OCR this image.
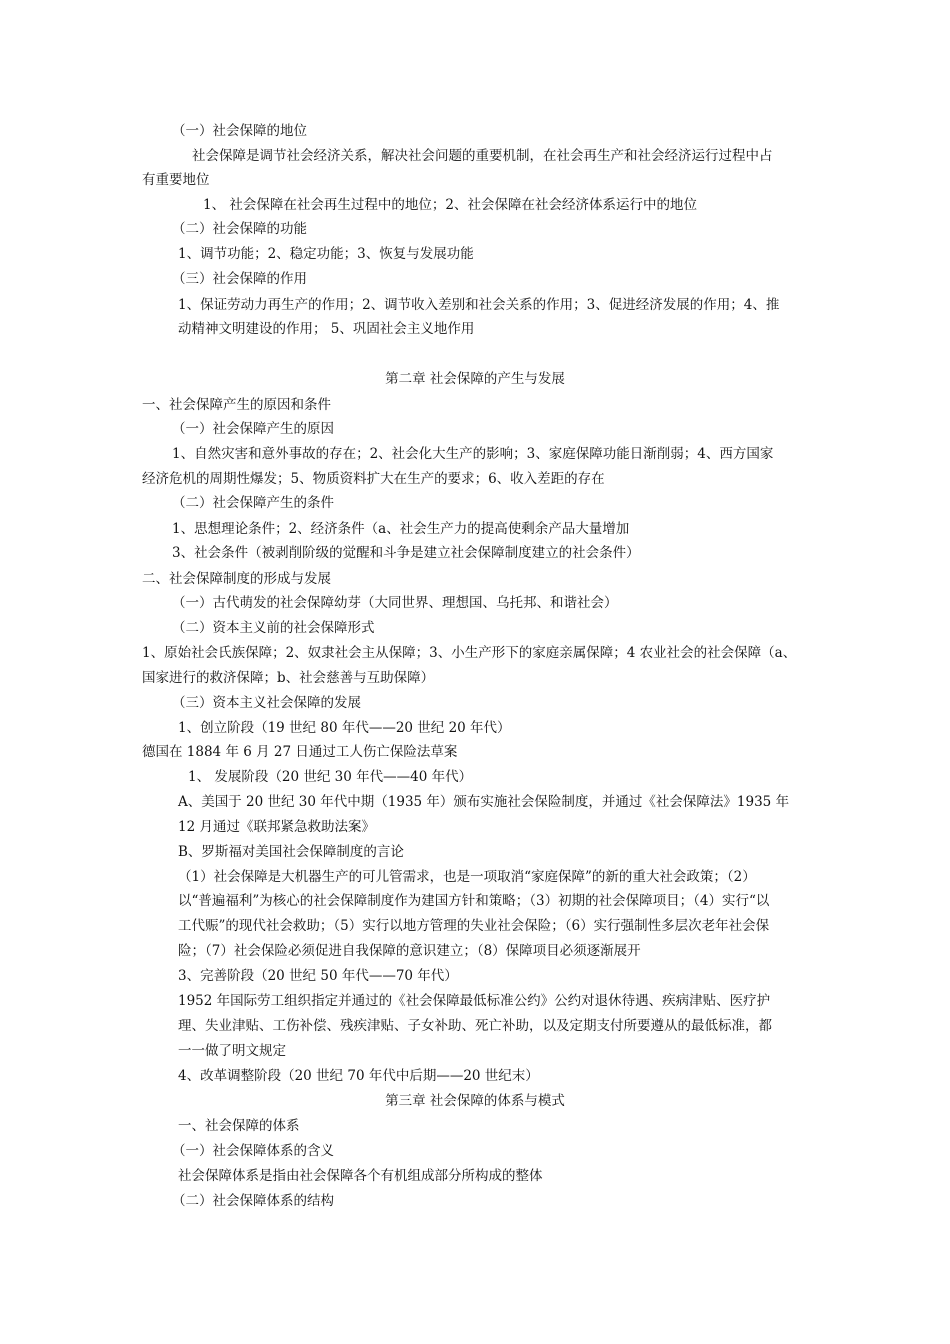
（一）社会保障的地位
社会保障是调节社会经济关系，解决社会问题的重要机制，在社会再生产和社会经济运行过程中占
有重要地位
1、 社会保障在社会再生过程中的地位；2、社会保障在社会经济体系运行中的地位
（二）社会保障的功能
1、调节功能；2、稳定功能；3、恢复与发展功能
（三）社会保障的作用
1、保证劳动力再生产的作用；2、调节收入差别和社会关系的作用；3、促进经济发展的作用；4、推
动精神文明建设的作用； 5、巩固社会主义地作用
第二章 社会保障的产生与发展
一、社会保障产生的原因和条件
（一）社会保障产生的原因
1、自然灾害和意外事故的存在；2、社会化大生产的影响；3、家庭保障功能日渐削弱；4、西方国家
经济危机的周期性爆发；5、物质资料扩大在生产的要求；6、收入差距的存在
（二）社会保障产生的条件
1、思想理论条件；2、经济条件（a、社会生产力的提高使剩余产品大量增加
3、社会条件（被剥削阶级的觉醒和斗争是建立社会保障制度建立的社会条件）
二、社会保障制度的形成与发展
（一）古代萌发的社会保障幼芽（大同世界、理想国、乌托邦、和谐社会）
（二）资本主义前的社会保障形式
1、原始社会氏族保障；2、奴隶社会主从保障；3、小生产形下的家庭亲属保障；4 农业社会的社会保障（a、
国家进行的救济保障；b、社会慈善与互助保障）
（三）资本主义社会保障的发展
1、创立阶段（19 世纪 80 年代——20 世纪 20 年代）
德国在 1884 年 6 月 27 日通过工人伤亡保险法草案
1、 发展阶段（20 世纪 30 年代——40 年代）
A、美国于 20 世纪 30 年代中期（1935 年）颁布实施社会保险制度，并通过《社会保障法》1935 年
12 月通过《联邦紧急救助法案》
B、罗斯福对美国社会保障制度的言论
（1）社会保障是大机器生产的可儿管需求，也是一项取消“家庭保障”的新的重大社会政策；（2）
以“普遍福利”为核心的社会保障制度作为建国方针和策略；（3）初期的社会保障项目；（4）实行“以
工代赈”的现代社会救助；（5）实行以地方管理的失业社会保险；（6）实行强制性多层次老年社会保
险；（7）社会保险必须促进自我保障的意识建立；（8）保障项目必须逐渐展开
3、完善阶段（20 世纪 50 年代——70 年代）
1952 年国际劳工组织指定并通过的《社会保障最低标准公约》公约对退休待遇、疾病津贴、医疗护
理、失业津贴、工伤补偿、残疾津贴、子女补助、死亡补助，以及定期支付所要遵从的最低标准，都
一一做了明文规定
4、改革调整阶段（20 世纪 70 年代中后期——20 世纪末）
第三章 社会保障的体系与模式
一、社会保障的体系
（一）社会保障体系的含义
社会保障体系是指由社会保障各个有机组成部分所构成的整体
（二）社会保障体系的结构
